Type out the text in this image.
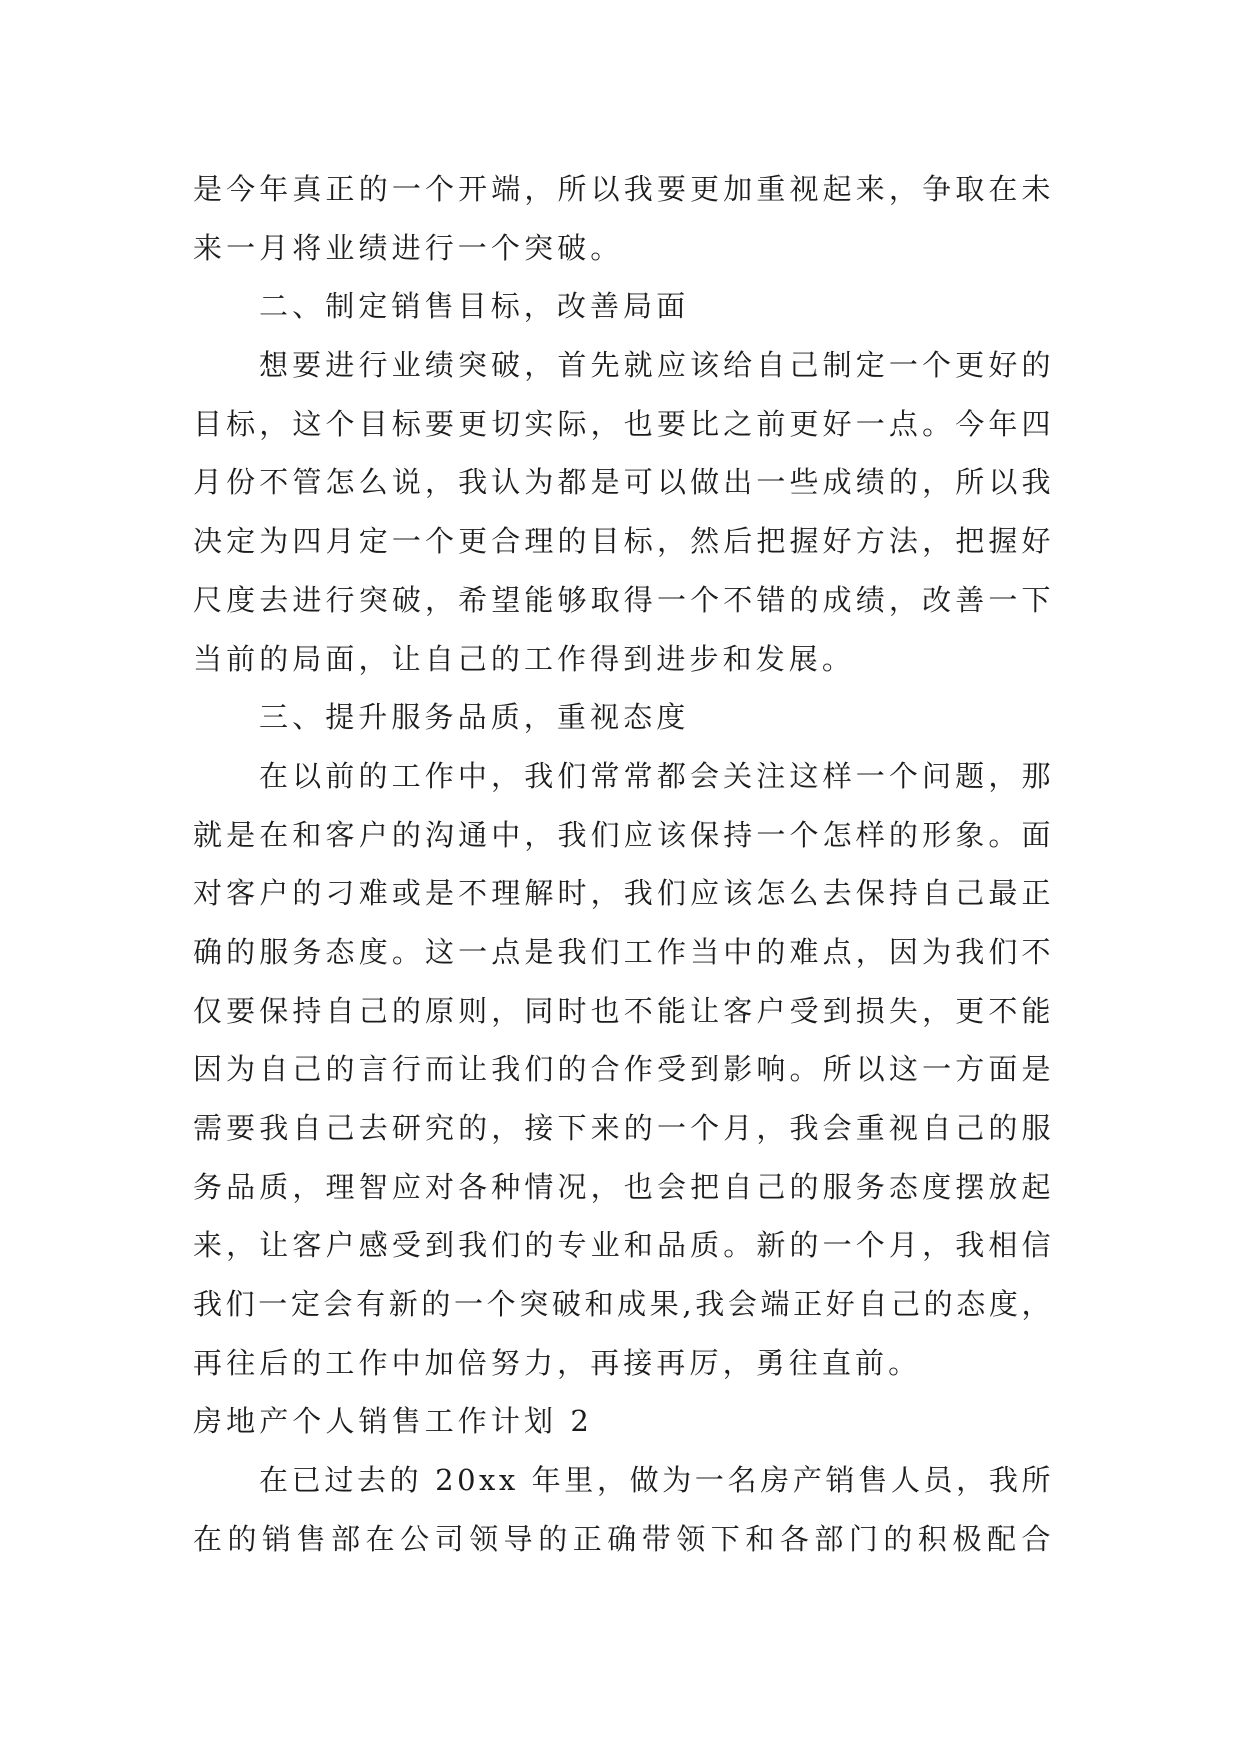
是今年真正的一个开端，所以我要更加重视起来，争取在未
来一月将业绩进行一个突破。
二、制定销售目标，改善局面
想要进行业绩突破，首先就应该给自己制定一个更好的
目标，这个目标要更切实际，也要比之前更好一点。今年四
月份不管怎么说，我认为都是可以做出一些成绩的，所以我
决定为四月定一个更合理的目标，然后把握好方法，把握好
尺度去进行突破，希望能够取得一个不错的成绩，改善一下
当前的局面，让自己的工作得到进步和发展。
三、提升服务品质，重视态度
在以前的工作中，我们常常都会关注这样一个问题，那
就是在和客户的沟通中，我们应该保持一个怎样的形象。面
对客户的刁难或是不理解时，我们应该怎么去保持自己最正
确的服务态度。这一点是我们工作当中的难点，因为我们不
仅要保持自己的原则，同时也不能让客户受到损失，更不能
因为自己的言行而让我们的合作受到影响。所以这一方面是
需要我自己去研究的，接下来的一个月，我会重视自己的服
务品质，理智应对各种情况，也会把自己的服务态度摆放起
来，让客户感受到我们的专业和品质。新的一个月，我相信
我们一定会有新的一个突破和成果,我会端正好自己的态度，
再往后的工作中加倍努力，再接再厉，勇往直前。
房地产个人销售工作计划 2
在已过去的 20xx 年里，做为一名房产销售人员，我所
在的销售部在公司领导的正确带领下和各部门的积极配合
